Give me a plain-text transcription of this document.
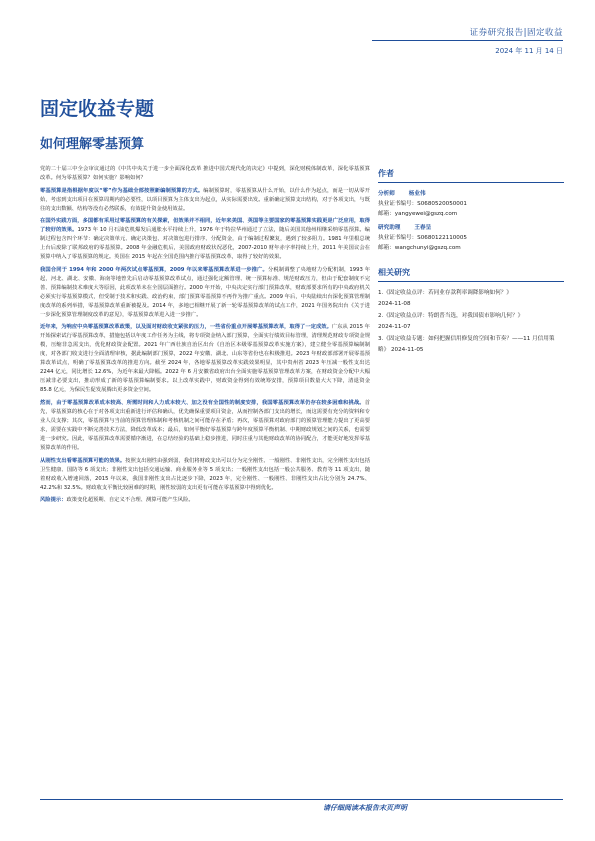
证券研究报告|固定收益
2024 年 11 月 14 日
固定收益专题
如何理解零基预算

党的二十届三中全会审议通过的《中共中央关于进一步全面深化改革 推进中国式现代化的决定》中提到，深化财税体制改革，深化零基预算改革。何为零基预算？如何实施？影响如何？

零基预算是指根据年度以“零”作为基础全部按照新编制预算的方式。编制预算时，零基预算从什么开始，以什么作为起点，而是一切从零开始，考虑到支出项目在预算周期内的必要性，以项目预算为主体支出为起点，从实际需要出发。重新确定预算支出结构，对于各项支出，与既往的支出数额、结构等没有必然联系，有效提升资金使用效益。

在国外实践方面，多国都有采用过零基预算的有关探索，但效果并不相同，近年来美国、英国等主要国家的零基预算实践更是广泛应用，取得了较好的效果。1973 年 10 月石油危机爆发后通胀水平持续上升，1976 年于特拉华州通过了立法，随后美国其他州相继采纳零基预算。编制过程包含四个环节：确定决策单元、确定决策包、对决策包进行排序、分配资金，由于编制过程繁复，遇到了较多阻力。1981 年里根总统上台后废除了联邦政府的零基预算。2008 年金融危机后，美国政府财政状况恶化，2007-2010 财年赤字率持续上升，2011 年美国议会在预算中纳入了零基预算的规定。英国在 2015 年起在全国范围内推行零基预算改革，取得了较好的效果。

我国合同于 1994 年和 2000 年两次试点零基预算，2009 年以来零基预算改革进一步推广。分税制调整了央地财力分配机制，1993 年起，河北、湖北、安徽、海南等地曾先后启动零基预算改革试点，通过强化定额管理、统一预算标准、规范财政压力，但由于配套制度不完善、预算编制技术难度大等原因，此项改革未在全国层面推行。2000 年开始，中央决定实行部门预算改革，财政部要求所有的中央政府机关必须实行零基预算模式，但受制于技术和实践、政治约束，部门预算零基预算不再作为推广重点。2009 年后，中央陆续出台深化预算管理制度改革的系列举措，零基预算改革重新被提及。2014 年，多地已相继开展了新一轮零基预算改革的试点工作，2021 年国务院出台《关于进一步深化预算管理制度改革的意见》，零基预算改革进入进一步推广。

近年来，为响应中央零基预算改革政策，以及面对财政收支紧张的压力，一些省份重点开展零基预算改革，取得了一定成效。广东从 2015 年开始探索试行零基预算改革，措施包括以年度工作任务为主线，将专项资金纳入部门预算，全面实行绩效目标管理，清理规范财政专项资金规模，压缩非急需支出，优化财政资金配置。2021 年广西壮族自治区出台《自治区本级零基预算改革实施方案》，建立健全零基预算编制制度，对各部门收支进行全面清理审核，据此编制部门预算，2022 年安徽、湖北、山东等省份也在积极推进。2023 年财政部部署开展零基预算改革试点，明确了零基预算改革的推进方向。截至 2024 年，各地零基预算改革实践效果明显，其中贵州省 2023 年压减一般性支出达 2244 亿元，同比增长 12.6%，为近年来最大降幅。2022 年 6 月安徽省政府出台全面实施零基预算管理改革方案，在财政资金分配中大幅压减非必要支出，推动形成了新的零基预算编制要求。以上改革实践中，财政资金得到有效统筹安排，预算项目数量大大下降，清退资金 85.8 亿元，为保民生促发展腾出更多资金空间。

然而，由于零基预算改革成本较高、所需时间和人力成本较大、加之没有全国性的制度安排，我国零基预算改革仍存在较多困难和挑战。首先，零基预算的核心在于对各项支出重新进行评估和确认，优先确保重要项目资金，从而控制各部门支出的增长，而这需要有充分的资料和专业人员支撑；其次，零基预算与当前的预算管理体制和考核机制之间可能存在矛盾；再次，零基预算对政府部门的预算管理能力提出了更高要求，需要在实践中不断完善技术方法，降低改革成本；最后，如何平衡好零基预算与跨年度预算平衡机制、中期财政规划之间的关系，也需要进一步研究。因此，零基预算改革需要循序渐进，在总结经验的基础上稳步推进，同时注重与其他财政改革的协同配合，才能更好地发挥零基预算改革的作用。

从刚性支出看零基预算可能的效果。按照支出刚性由强到弱，我们将财政支出可以分为完全刚性、一般刚性、非刚性支出，完全刚性支出包括卫生健康、国防等 6 项支出；非刚性支出包括交通运输、商业服务业等 5 项支出；一般刚性支出包括一般公共服务、教育等 11 项支出，随着财政收入增速回落，2015 年以来，我国非刚性支出占比逐步下降，2023 年，完全刚性、一般刚性、非刚性支出占比分别为 24.7%、42.2%和 32.5%。财政收支平衡比较困难的时期，刚性较弱的支出更有可能在零基预算中得到优化。

风险提示：政策变化超预期、自定义不合理、测算可能产生风险。

作者
分析师	杨业伟
执业证书编号：S0680520050001
邮箱：yangyewei@gszq.com
研究助理	王春呈
执业证书编号：S0680122110005
邮箱：wangchunyi@gszq.com
相关研究
1.《固定收益点评：若同业存款利率调降影响如何？》
2024-11-08
2.《固定收益点评：特朗普当选，对我国债市影响几何？》
2024-11-07
3.《固定收益专题：如何把握信用修复的空间和节奏？——11 月信用策略》 2024-11-05
请仔细阅读本报告末页声明
